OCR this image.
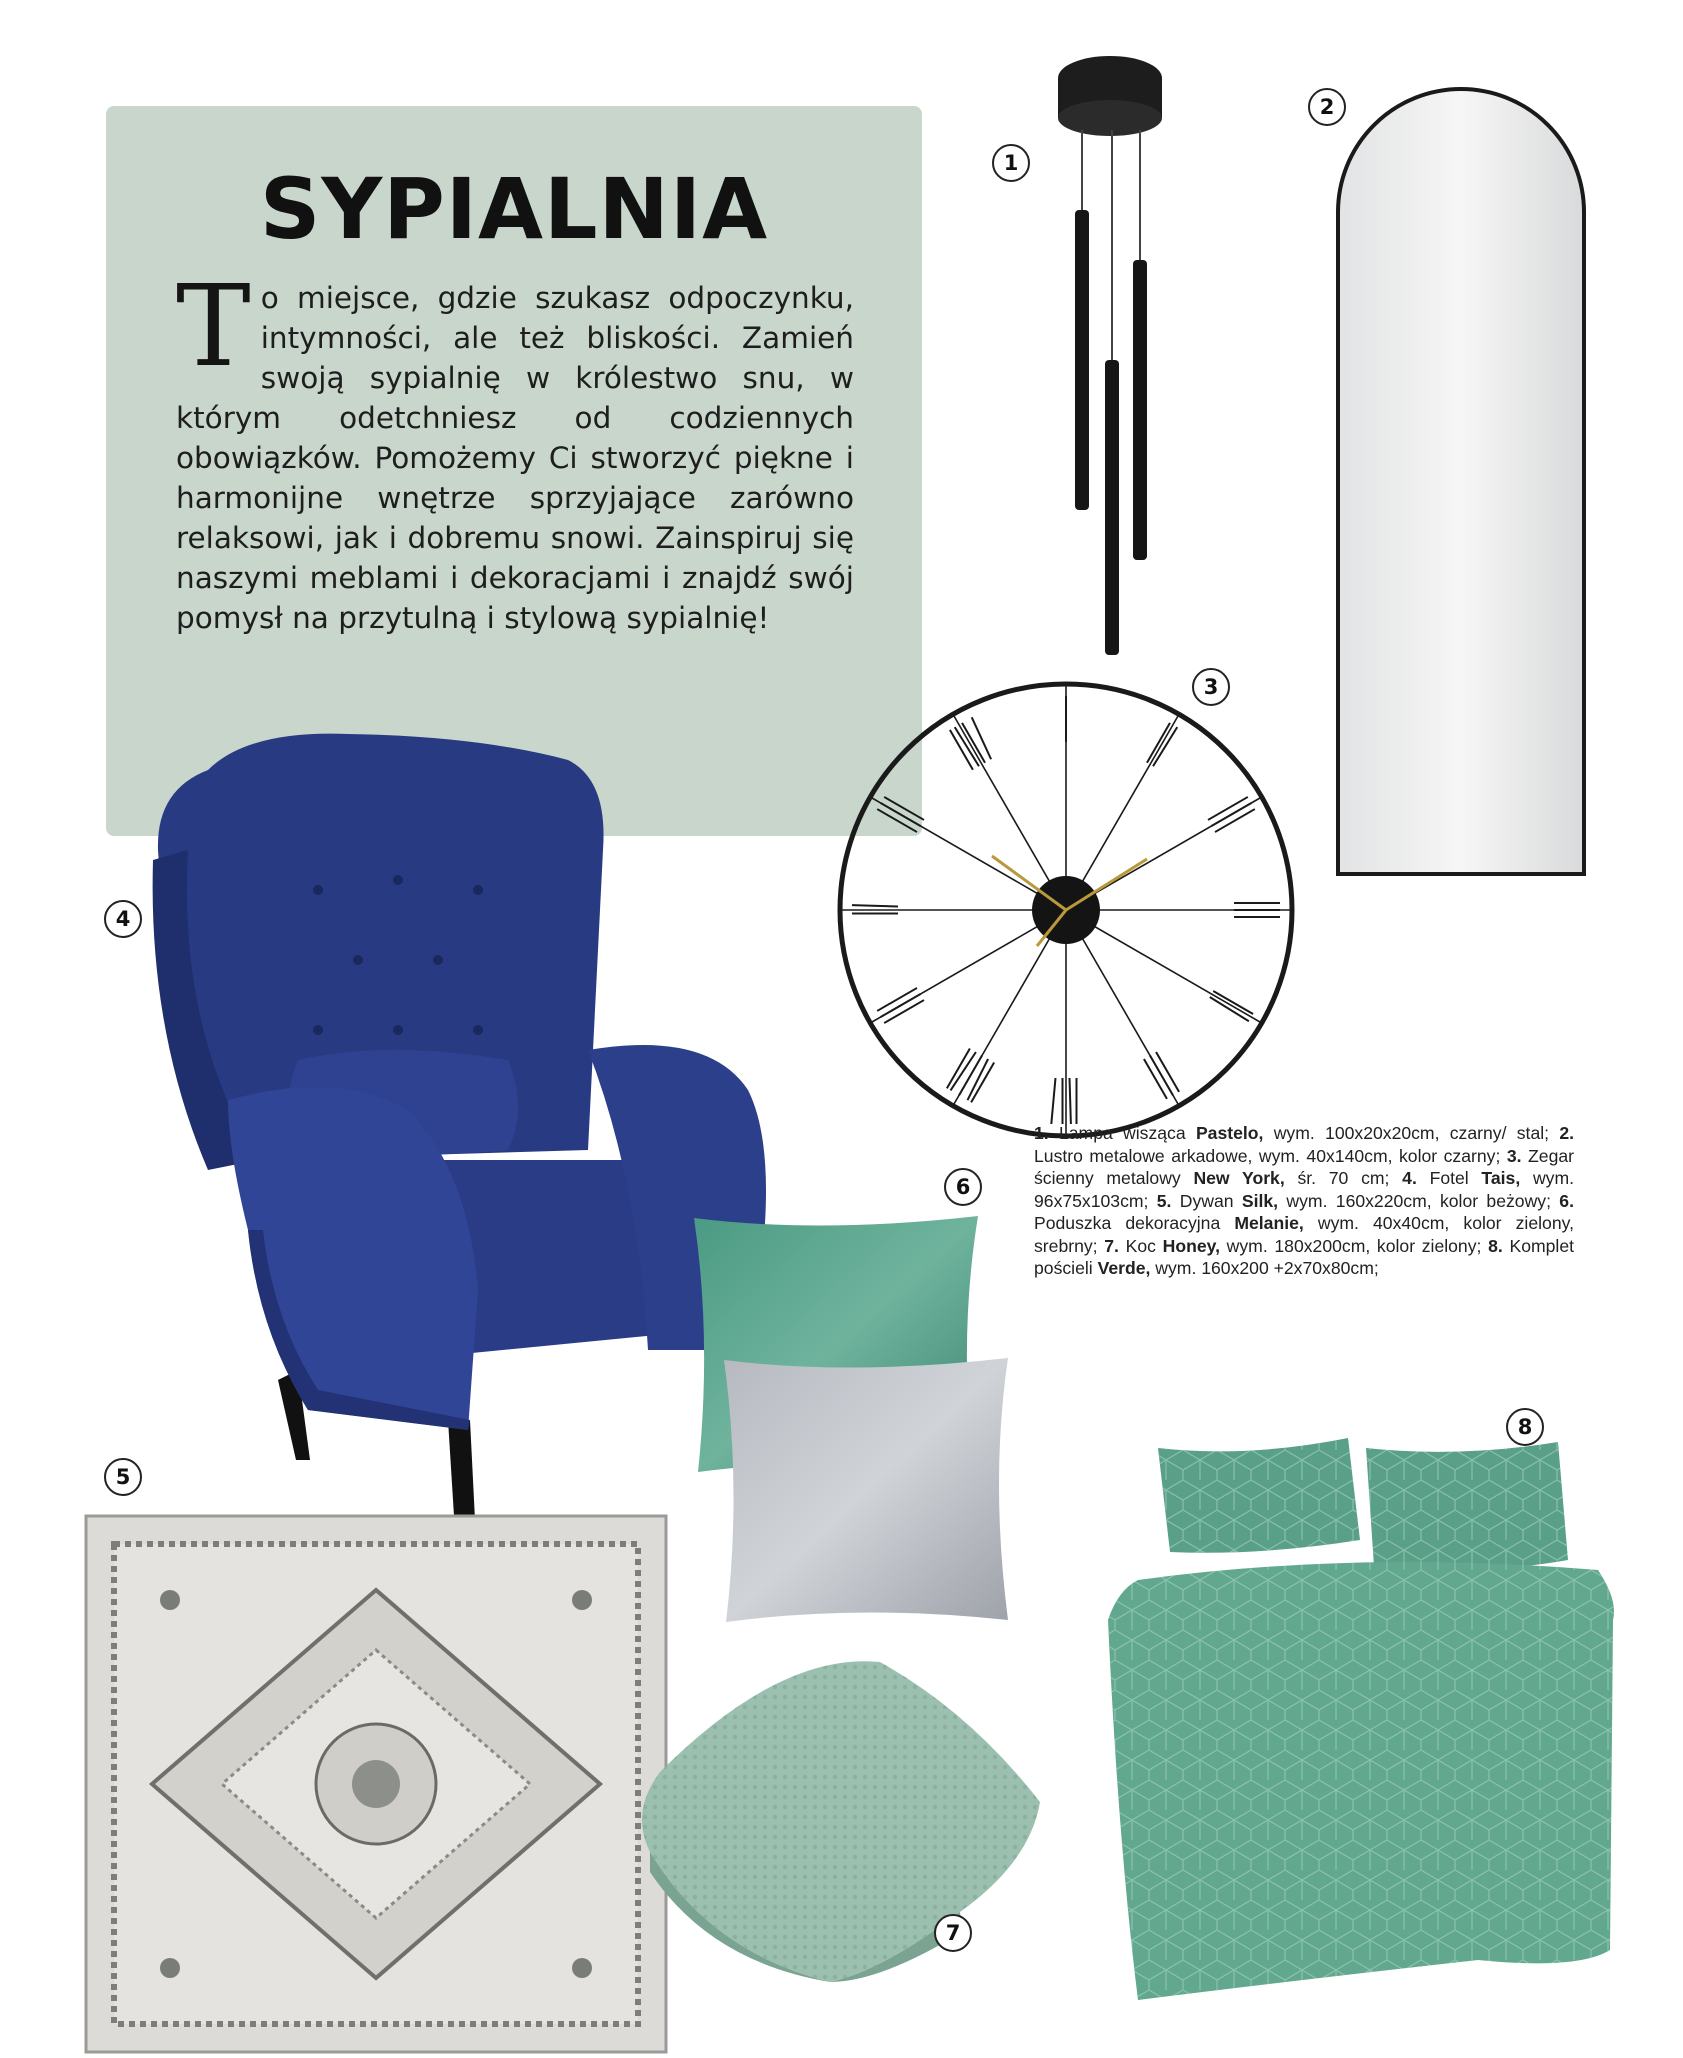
SYPIALNIA

To miejsce, gdzie szukasz odpoczynku, intymności, ale też bliskości. Zamień swoją sypialnię w królestwo snu, w którym odetchniesz od codziennych obowiązków. Pomożemy Ci stworzyć piękne i harmonijne wnętrze sprzyjające zarówno relaksowi, jak i dobremu snowi. Zainspiruj się naszymi meblami i dekoracjami i znajdź swój pomysł na przytulną i stylową sypialnię!

1
2
3
4
5
6
7
8

1. Lampa wisząca Pastelo, wym. 100x20x20cm, czarny/ stal; 2. Lustro metalowe arkadowe, wym. 40x140cm, kolor czarny; 3. Zegar ścienny metalowy New York, śr. 70 cm; 4. Fotel Tais, wym. 96x75x103cm; 5. Dywan Silk, wym. 160x220cm, kolor beżowy; 6. Poduszka dekoracyjna Melanie, wym. 40x40cm, kolor zielony, srebrny; 7. Koc Honey, wym. 180x200cm, kolor zielony; 8. Komplet pościeli Verde, wym. 160x200 +2x70x80cm;
